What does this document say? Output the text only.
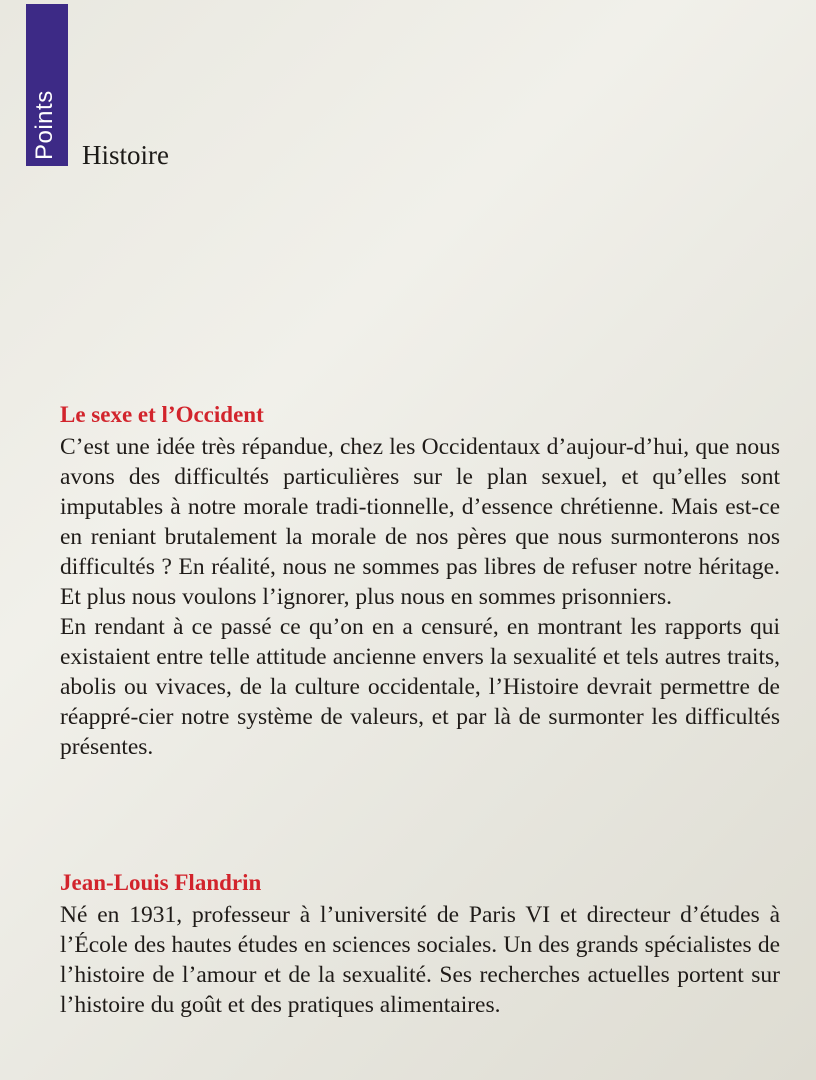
Points Histoire
Le sexe et l’Occident

C’est une idée très répandue, chez les Occidentaux d’aujour-d’hui, que nous avons des difficultés particulières sur le plan sexuel, et qu’elles sont imputables à notre morale tradi-tionnelle, d’essence chrétienne. Mais est-ce en reniant brutalement la morale de nos pères que nous surmonterons nos difficultés ? En réalité, nous ne sommes pas libres de refuser notre héritage. Et plus nous voulons l’ignorer, plus nous en sommes prisonniers.

En rendant à ce passé ce qu’on en a censuré, en montrant les rapports qui existaient entre telle attitude ancienne envers la sexualité et tels autres traits, abolis ou vivaces, de la culture occidentale, l’Histoire devrait permettre de réappré-cier notre système de valeurs, et par là de surmonter les difficultés présentes.

Jean-Louis Flandrin

Né en 1931, professeur à l’université de Paris VI et directeur d’études à l’École des hautes études en sciences sociales. Un des grands spécialistes de l’histoire de l’amour et de la sexualité. Ses recherches actuelles portent sur l’histoire du goût et des pratiques alimentaires.
